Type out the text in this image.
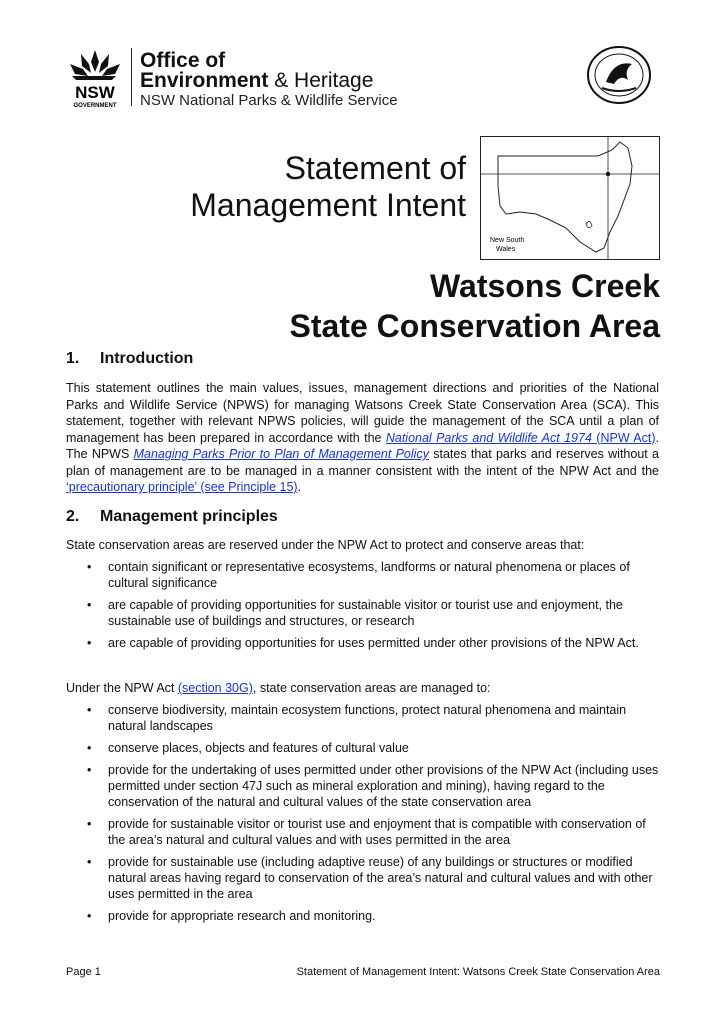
NSW
GOVERNMENT
Office of
Environment & Heritage
NSW National Parks & Wildlife Service
Statement of
Management Intent
New South
Wales
Watsons Creek
State Conservation Area
1. Introduction
This statement outlines the main values, issues, management directions and priorities of the National Parks and Wildlife Service (NPWS) for managing Watsons Creek State Conservation Area (SCA). This statement, together with relevant NPWS policies, will guide the management of the SCA until a plan of management has been prepared in accordance with the National Parks and Wildlife Act 1974 (NPW Act). The NPWS Managing Parks Prior to Plan of Management Policy states that parks and reserves without a plan of management are to be managed in a manner consistent with the intent of the NPW Act and the ‘precautionary principle’ (see Principle 15).
2. Management principles
State conservation areas are reserved under the NPW Act to protect and conserve areas that:
• contain significant or representative ecosystems, landforms or natural phenomena or places of cultural significance
• are capable of providing opportunities for sustainable visitor or tourist use and enjoyment, the sustainable use of buildings and structures, or research
• are capable of providing opportunities for uses permitted under other provisions of the NPW Act.
Under the NPW Act (section 30G), state conservation areas are managed to:
• conserve biodiversity, maintain ecosystem functions, protect natural phenomena and maintain natural landscapes
• conserve places, objects and features of cultural value
• provide for the undertaking of uses permitted under other provisions of the NPW Act (including uses permitted under section 47J such as mineral exploration and mining), having regard to the conservation of the natural and cultural values of the state conservation area
• provide for sustainable visitor or tourist use and enjoyment that is compatible with conservation of the area’s natural and cultural values and with uses permitted in the area
• provide for sustainable use (including adaptive reuse) of any buildings or structures or modified natural areas having regard to conservation of the area’s natural and cultural values and with other uses permitted in the area
• provide for appropriate research and monitoring.
Page 1	Statement of Management Intent: Watsons Creek State Conservation Area
